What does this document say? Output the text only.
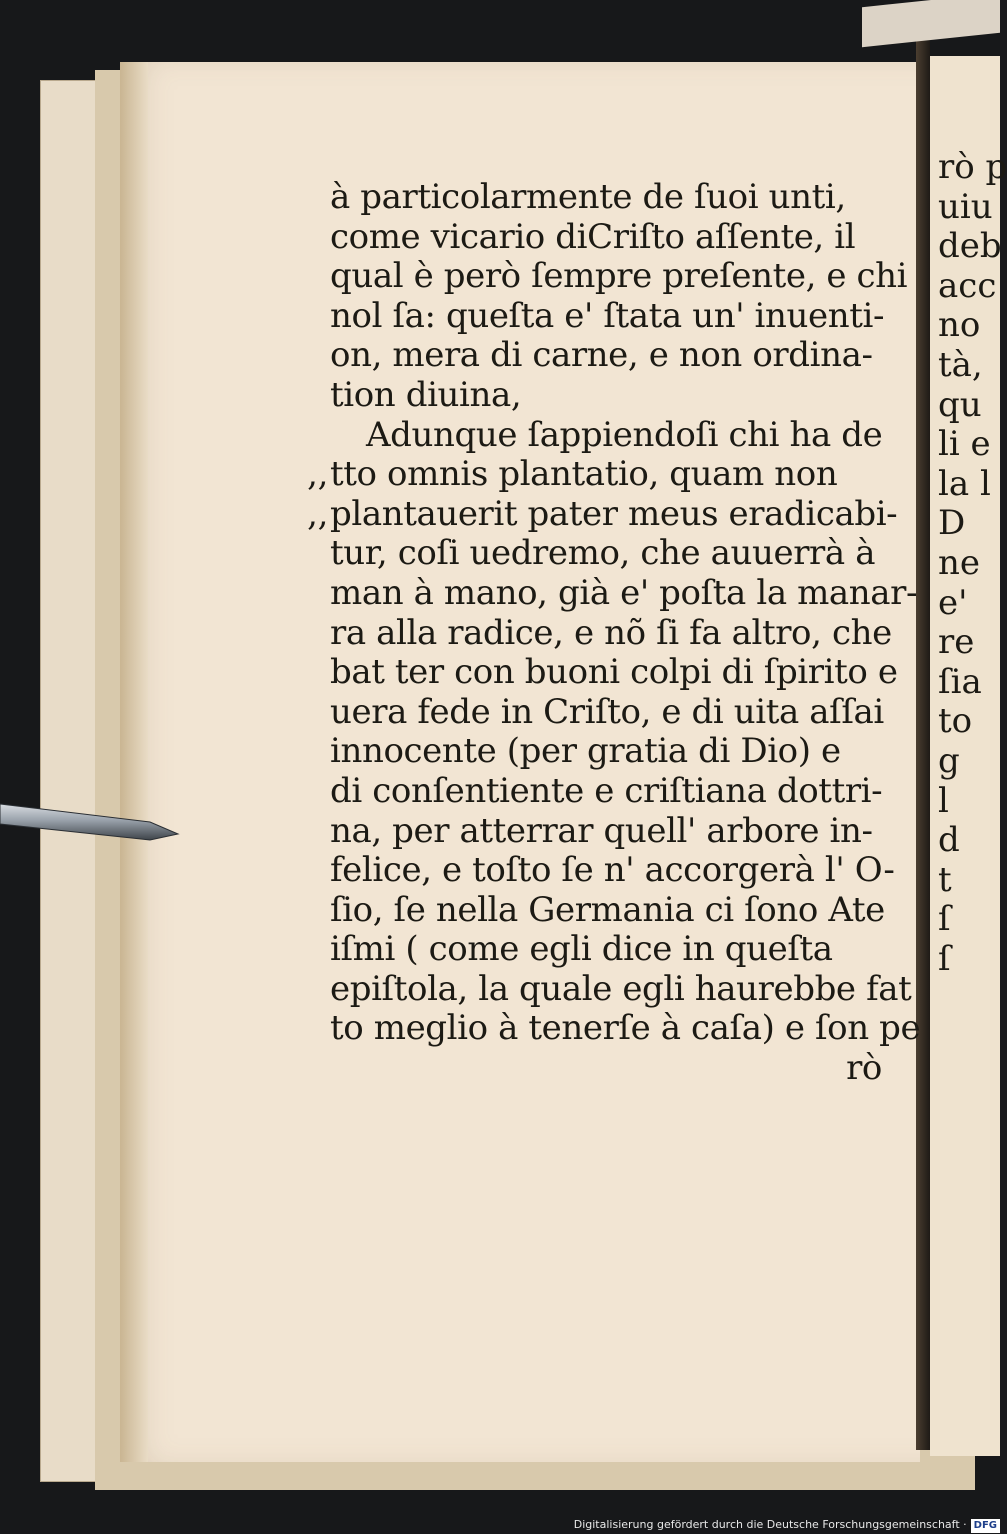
à particolarmente de ſuoi unti,
come vicario diCriſto aſſente, il
qual è però ſempre preſente, e chi
nol ſa: queſta e' ſtata un' inuenti-
on, mera di carne, e non ordina-
tion diuina,
Adunque ſappiendoſi chi ha de
,,tto omnis plantatio, quam non
,,plantauerit pater meus eradicabi-
tur, coſi uedremo, che auuerrà à
man à mano, già e' poſta la manar-
ra alla radice, e nõ ſi fa altro, che
bat ter con buoni colpi di ſpirito e
uera fede in Criſto, e di uita aſſai
innocente (per gratia di Dio) e
di conſentiente e criſtiana dottri-
na, per atterrar quell' arbore in-
felice, e toſto ſe n' accorgerà l' O-
ſio, ſe nella Germania ci ſono Ate
iſmi ( come egli dice in queſta
epiſtola, la quale egli haurebbe fat
to meglio à tenerſe à caſa) e ſon pe
rò
rò p
uiu
deb
acc
no
tà,
qu
li e
la l
D
ne
e'
re
ſia
to
g
l
d
t
ſ
ſ
Digitalisierung gefördert durch die Deutsche Forschungsgemeinschaft · DFG
